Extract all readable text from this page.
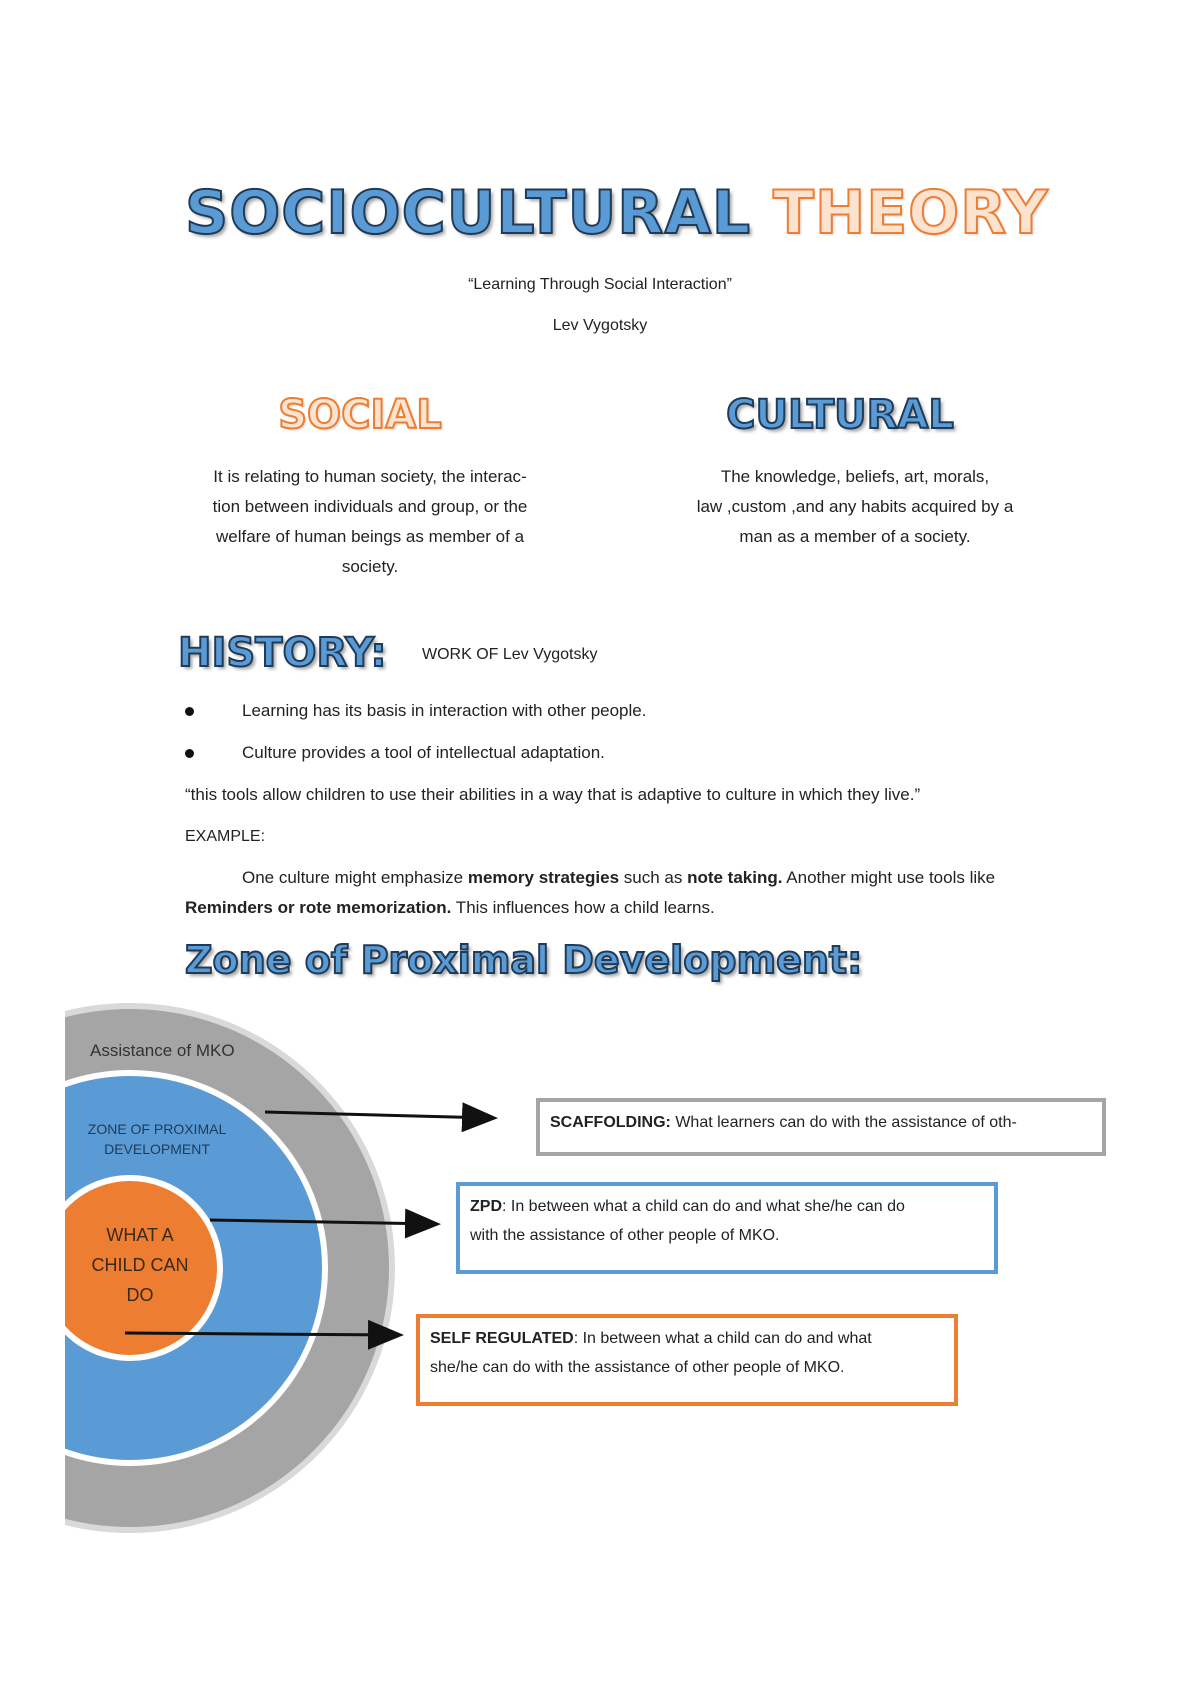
SOCIOCULTURAL THEORY
“Learning Through Social Interaction”
Lev Vygotsky
SOCIAL
It is relating to human society, the interac-
tion between individuals and group, or the
welfare of human beings as member of a
society.
CULTURAL
The knowledge, beliefs, art, morals,
law ,custom ,and any habits acquired by a
man as a member of a society.
HISTORY: WORK OF Lev Vygotsky
Learning has its basis in interaction with other people.
Culture provides a tool of intellectual adaptation.
“this tools allow children to use their abilities in a way that is adaptive to culture in which they live.”
EXAMPLE:
One culture might emphasize memory strategies such as note taking. Another might use tools like
Reminders or rote memorization. This influences how a child learns.
Zone of Proximal Development:
Assistance of MKO
ZONE OF PROXIMAL
DEVELOPMENT
WHAT A
CHILD CAN
DO
SCAFFOLDING: What learners can do with the assistance of oth-
ZPD: In between what a child can do and what she/he can do
with the assistance of other people of MKO.
SELF REGULATED: In between what a child can do and what
she/he can do with the assistance of other people of MKO.
